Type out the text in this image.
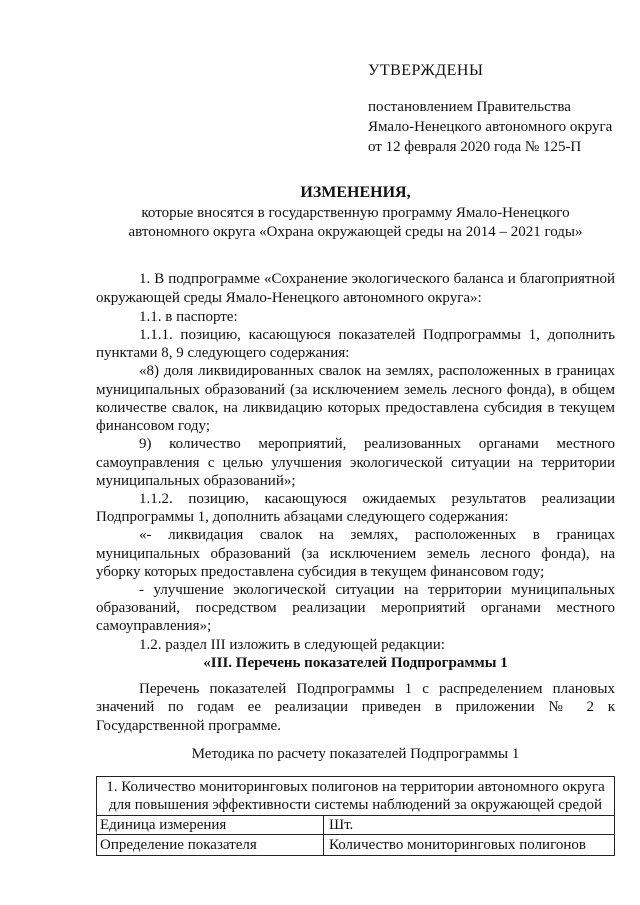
УТВЕРЖДЕНЫ
постановлением Правительства
Ямало-Ненецкого автономного округа
от 12 февраля 2020 года № 125-П
ИЗМЕНЕНИЯ,
которые вносятся в государственную программу Ямало-Ненецкого
автономного округа «Охрана окружающей среды на 2014 – 2021 годы»
1. В подпрограмме «Сохранение экологического баланса и благоприятной
окружающей среды Ямало-Ненецкого автономного округа»:
1.1. в паспорте:
1.1.1. позицию, касающуюся показателей Подпрограммы 1, дополнить
пунктами 8, 9 следующего содержания:
«8) доля ликвидированных свалок на землях, расположенных в границах
муниципальных образований (за исключением земель лесного фонда), в общем
количестве свалок, на ликвидацию которых предоставлена субсидия в текущем
финансовом году;
9) количество мероприятий, реализованных органами местного
самоуправления с целью улучшения экологической ситуации на территории
муниципальных образований»;
1.1.2. позицию, касающуюся ожидаемых результатов реализации
Подпрограммы 1, дополнить абзацами следующего содержания:
«- ликвидация свалок на землях, расположенных в границах
муниципальных образований (за исключением земель лесного фонда), на
уборку которых предоставлена субсидия в текущем финансовом году;
- улучшение экологической ситуации на территории муниципальных
образований, посредством реализации мероприятий органами местного
самоуправления»;
1.2. раздел III изложить в следующей редакции:
«III. Перечень показателей Подпрограммы 1
Перечень показателей Подпрограммы 1 с распределением плановых
значений по годам ее реализации приведен в приложении № 2 к
Государственной программе.
Методика по расчету показателей Подпрограммы 1
1. Количество мониторинговых полигонов на территории автономного округа
для повышения эффективности системы наблюдений за окружающей средой
Единица измерения	Шт.
Определение показателя	Количество мониторинговых полигонов
